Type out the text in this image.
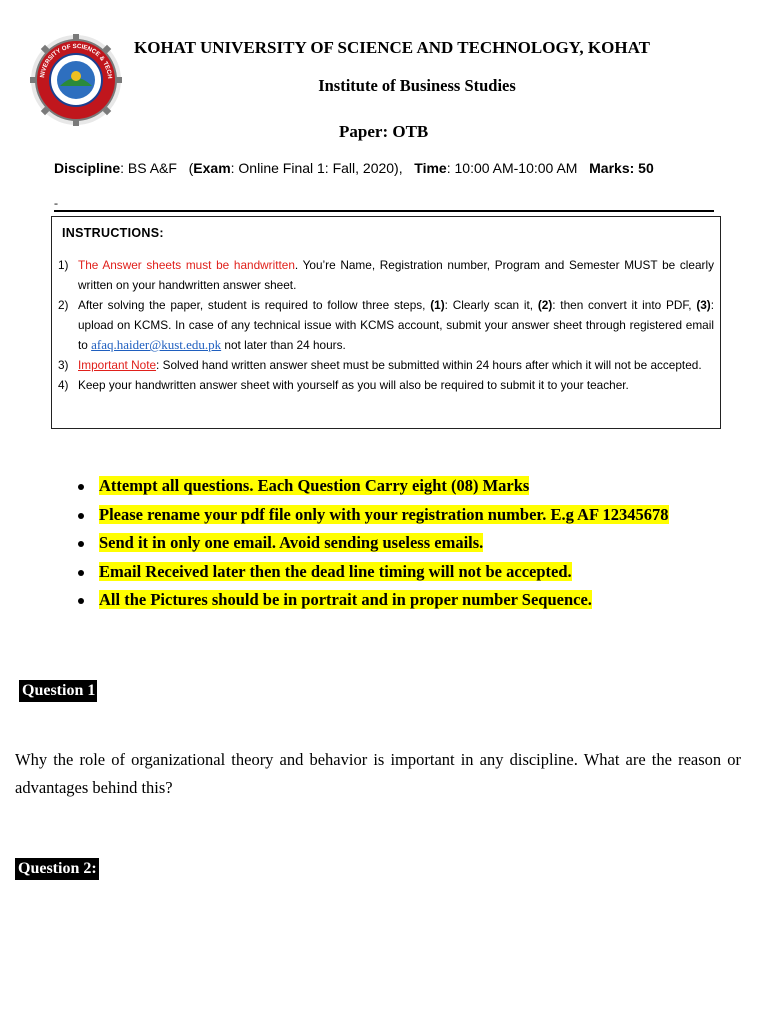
NIVERSITY OF SCIENCE & TECH
KOHAT UNIVERSITY OF SCIENCE AND TECHNOLOGY, KOHAT
Institute of Business Studies
Paper: OTB
Discipline: BS A&F   (Exam: Online Final 1: Fall, 2020),   Time: 10:00 AM-10:00 AM   Marks: 50
-
INSTRUCTIONS:
1) The Answer sheets must be handwritten. You’re Name, Registration number, Program and Semester MUST be clearly written on your handwritten answer sheet.
2) After solving the paper, student is required to follow three steps, (1): Clearly scan it, (2): then convert it into PDF, (3): upload on KCMS. In case of any technical issue with KCMS account, submit your answer sheet through registered email to afaq.haider@kust.edu.pk not later than 24 hours.
3) Important Note: Solved hand written answer sheet must be submitted within 24 hours after which it will not be accepted.
4) Keep your handwritten answer sheet with yourself as you will also be required to submit it to your teacher.
Attempt all questions. Each Question Carry eight (08) Marks
Please rename your pdf file only with your registration number. E.g AF 12345678
Send it in only one email. Avoid sending useless emails.
Email Received later then the dead line timing will not be accepted.
All the Pictures should be in portrait and in proper number Sequence.
Question 1
Why the role of organizational theory and behavior is important in any discipline. What are the reason or advantages behind this?
Question 2:
